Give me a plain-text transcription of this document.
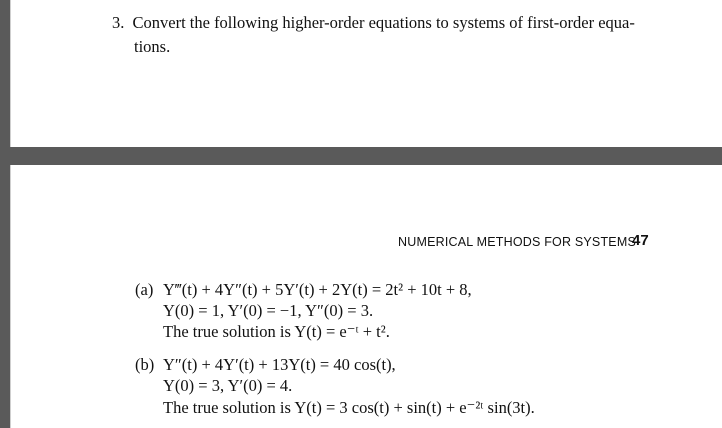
3. Convert the following higher-order equations to systems of first-order equa-
tions.
NUMERICAL METHODS FOR SYSTEMS
47
(a) Y‴(t) + 4Y″(t) + 5Y′(t) + 2Y(t) = 2t² + 10t + 8,
Y(0) = 1, Y′(0) = −1, Y″(0) = 3.
The true solution is Y(t) = e⁻ᵗ + t².
(b) Y″(t) + 4Y′(t) + 13Y(t) = 40 cos(t),
Y(0) = 3, Y′(0) = 4.
The true solution is Y(t) = 3 cos(t) + sin(t) + e⁻²ᵗ sin(3t).
